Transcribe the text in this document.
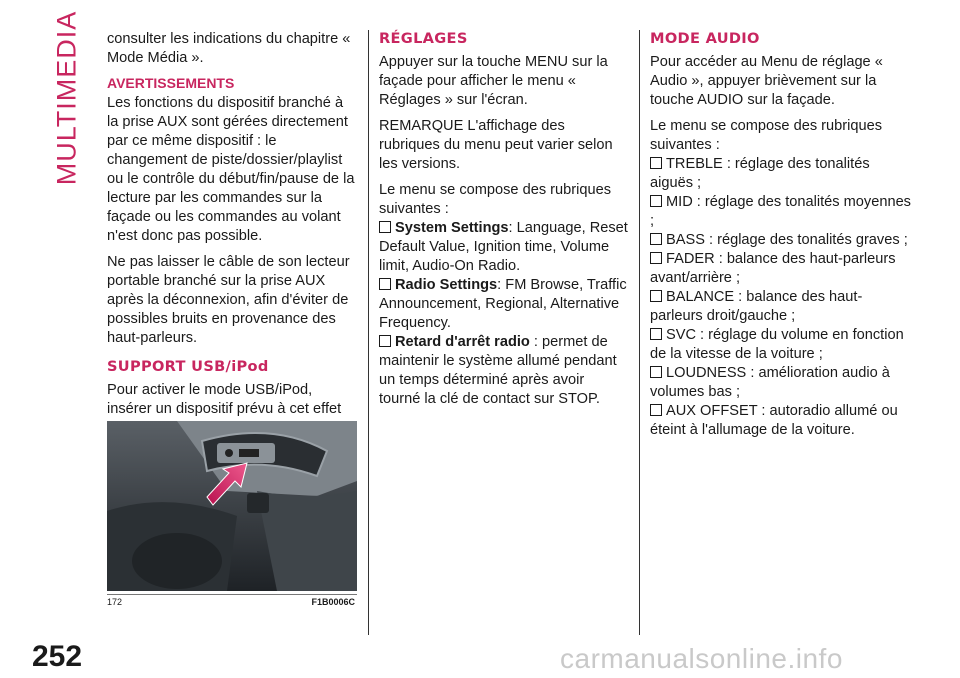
MULTIMEDIA consulter les indications du chapitre « Mode Média ».

AVERTISSEMENTS

Les fonctions du dispositif branché à la prise AUX sont gérées directement par ce même dispositif : le changement de piste/dossier/playlist ou le contrôle du début/fin/pause de la lecture par les commandes sur la façade ou les commandes au volant n'est donc pas possible.

Ne pas laisser le câble de son lecteur portable branché sur la prise AUX après la déconnexion, afin d'éviter de possibles bruits en provenance des haut-parleurs.

SUPPORT USB/iPod

Pour activer le mode USB/iPod, insérer un dispositif prévu à cet effet

172	F1B0006C
RÉGLAGES

Appuyer sur la touche MENU sur la façade pour afficher le menu « Réglages » sur l'écran.

REMARQUE L'affichage des rubriques du menu peut varier selon les versions.

Le menu se compose des rubriques suivantes :

System Settings: Language, Reset Default Value, Ignition time, Volume limit, Audio-On Radio.
Radio Settings: FM Browse, Traffic Announcement, Regional, Alternative Frequency.
Retard d'arrêt radio : permet de maintenir le système allumé pendant un temps déterminé après avoir tourné la clé de contact sur STOP.
MODE AUDIO

Pour accéder au Menu de réglage « Audio », appuyer brièvement sur la touche AUDIO sur la façade.

Le menu se compose des rubriques suivantes :

TREBLE : réglage des tonalités aiguës ;
MID : réglage des tonalités moyennes ;
BASS : réglage des tonalités graves ;
FADER : balance des haut-parleurs avant/arrière ;
BALANCE : balance des haut-parleurs droit/gauche ;
SVC : réglage du volume en fonction de la vitesse de la voiture ;
LOUDNESS : amélioration audio à volumes bas ;
AUX OFFSET : autoradio allumé ou éteint à l'allumage de la voiture.
252	carmanualsonline.info
